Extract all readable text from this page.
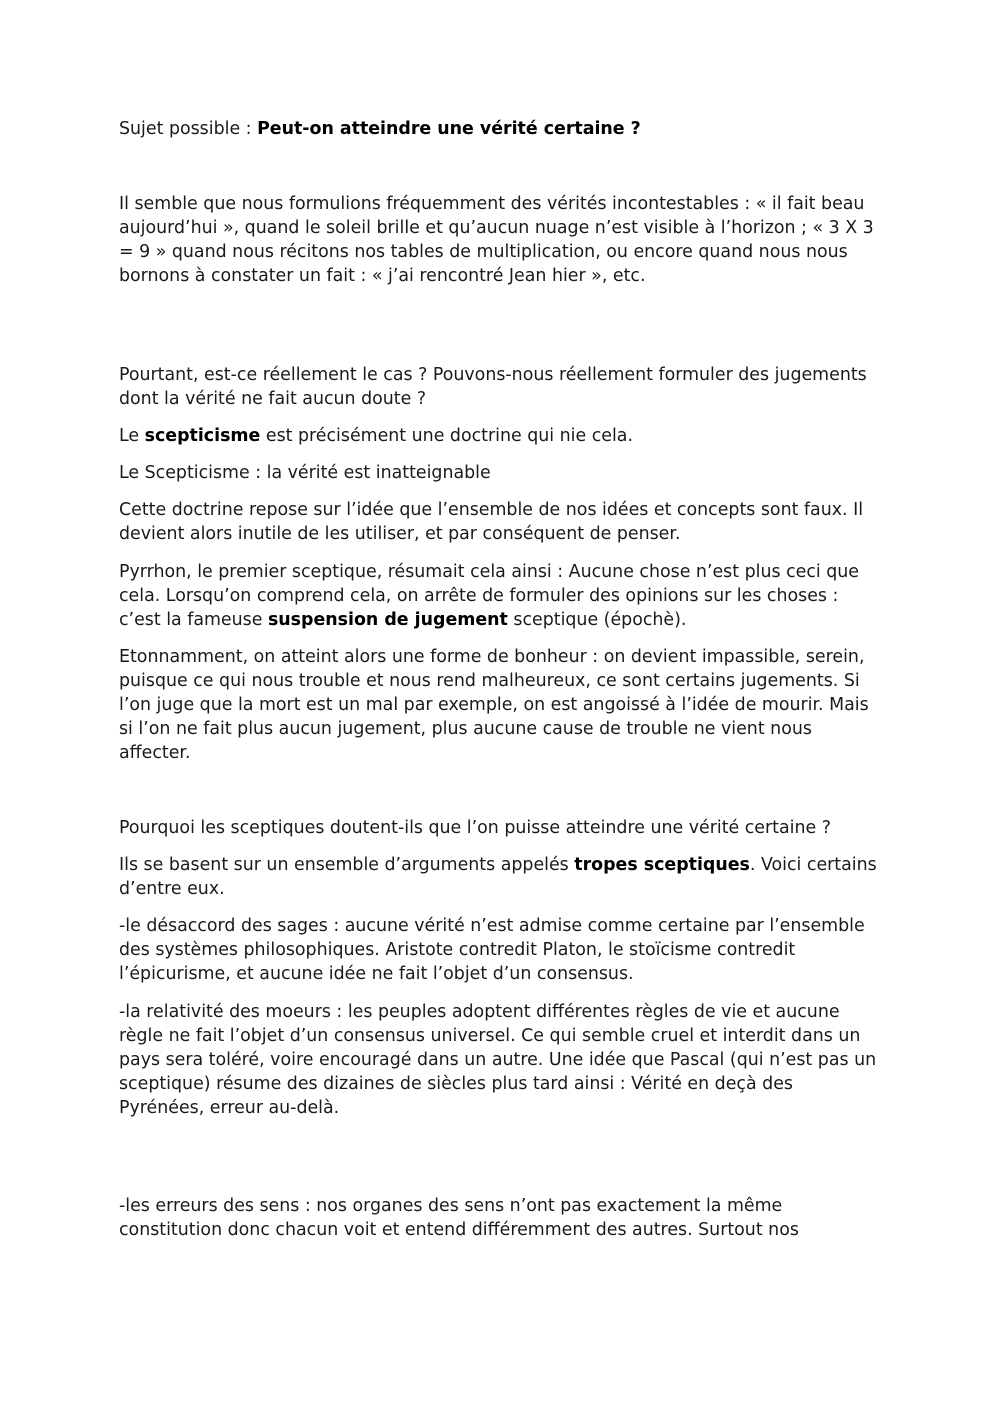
Sujet possible : Peut-on atteindre une vérité certaine ?

Il semble que nous formulions fréquemment des vérités incontestables : « il fait beau aujourd’hui », quand le soleil brille et qu’aucun nuage n’est visible à l’horizon ; « 3 X 3 = 9 » quand nous récitons nos tables de multiplication, ou encore quand nous nous bornons à constater un fait : « j’ai rencontré Jean hier », etc.

Pourtant, est-ce réellement le cas ? Pouvons-nous réellement formuler des jugements dont la vérité ne fait aucun doute ?

Le scepticisme est précisément une doctrine qui nie cela.

Le Scepticisme : la vérité est inatteignable

Cette doctrine repose sur l’idée que l’ensemble de nos idées et concepts sont faux. Il devient alors inutile de les utiliser, et par conséquent de penser.

Pyrrhon, le premier sceptique, résumait cela ainsi : Aucune chose n’est plus ceci que cela. Lorsqu’on comprend cela, on arrête de formuler des opinions sur les choses : c’est la fameuse suspension de jugement sceptique (épochè).

Etonnamment, on atteint alors une forme de bonheur : on devient impassible, serein, puisque ce qui nous trouble et nous rend malheureux, ce sont certains jugements. Si l’on juge que la mort est un mal par exemple, on est angoissé à l’idée de mourir. Mais si l’on ne fait plus aucun jugement, plus aucune cause de trouble ne vient nous affecter.

Pourquoi les sceptiques doutent-ils que l’on puisse atteindre une vérité certaine ?

Ils se basent sur un ensemble d’arguments appelés tropes sceptiques. Voici certains d’entre eux.

-le désaccord des sages : aucune vérité n’est admise comme certaine par l’ensemble des systèmes philosophiques. Aristote contredit Platon, le stoïcisme contredit l’épicurisme, et aucune idée ne fait l’objet d’un consensus.

-la relativité des moeurs : les peuples adoptent différentes règles de vie et aucune règle ne fait l’objet d’un consensus universel. Ce qui semble cruel et interdit dans un pays sera toléré, voire encouragé dans un autre. Une idée que Pascal (qui n’est pas un sceptique) résume des dizaines de siècles plus tard ainsi : Vérité en deçà des Pyrénées, erreur au-delà.

-les erreurs des sens : nos organes des sens n’ont pas exactement la même constitution donc chacun voit et entend différemment des autres. Surtout nos
